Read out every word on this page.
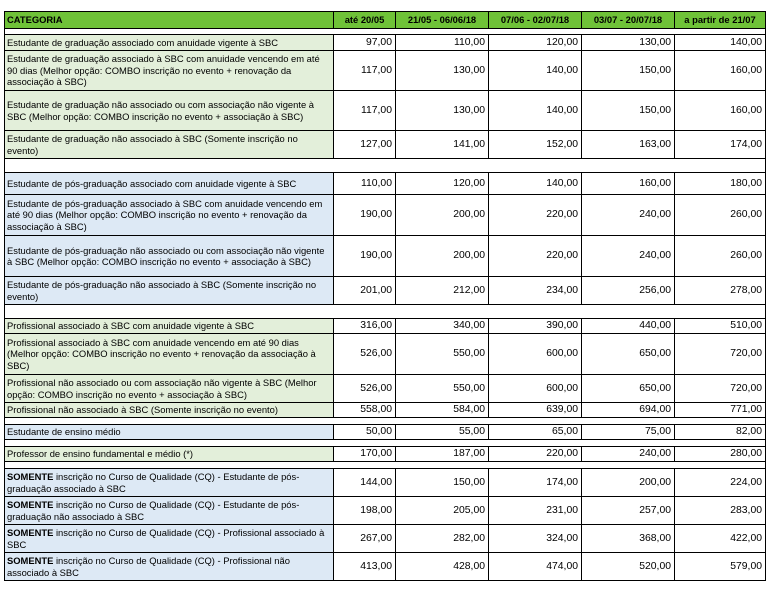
CATEGORIA	até 20/05	21/05 - 06/06/18	07/06 - 02/07/18	03/07 - 20/07/18	a partir de 21/07

Estudante de graduação associado com anuidade vigente à SBC	97,00	110,00	120,00	130,00	140,00
Estudante de graduação associado à SBC com anuidade vencendo em até 90 dias (Melhor opção: COMBO inscrição no evento + renovação da associação à SBC)	117,00	130,00	140,00	150,00	160,00
Estudante de graduação não associado ou com associação não vigente à SBC (Melhor opção: COMBO inscrição no evento + associação à SBC)	117,00	130,00	140,00	150,00	160,00
Estudante de graduação não associado à SBC (Somente inscrição no evento)	127,00	141,00	152,00	163,00	174,00

Estudante de pós-graduação associado com anuidade vigente à SBC	110,00	120,00	140,00	160,00	180,00
Estudante de pós-graduação associado à SBC com anuidade vencendo em até 90 dias (Melhor opção: COMBO inscrição no evento + renovação da associação à SBC)	190,00	200,00	220,00	240,00	260,00
Estudante de pós-graduação não associado ou com associação não vigente à SBC (Melhor opção: COMBO inscrição no evento + associação à SBC)	190,00	200,00	220,00	240,00	260,00
Estudante de pós-graduação não associado à SBC (Somente inscrição no evento)	201,00	212,00	234,00	256,00	278,00

Profissional associado à SBC com anuidade vigente à SBC	316,00	340,00	390,00	440,00	510,00
Profissional associado à SBC com anuidade vencendo em até 90 dias (Melhor opção: COMBO inscrição no evento + renovação da associação à SBC)	526,00	550,00	600,00	650,00	720,00
Profissional não associado ou com associação não vigente à SBC (Melhor opção: COMBO inscrição no evento + associação à SBC)	526,00	550,00	600,00	650,00	720,00
Profissional não associado à SBC (Somente inscrição no evento)	558,00	584,00	639,00	694,00	771,00

Estudante de ensino médio	50,00	55,00	65,00	75,00	82,00

Professor de ensino fundamental e médio (*)	170,00	187,00	220,00	240,00	280,00

SOMENTE inscrição no Curso de Qualidade (CQ) - Estudante de pós-graduação associado à SBC	144,00	150,00	174,00	200,00	224,00
SOMENTE inscrição no Curso de Qualidade (CQ) - Estudante de pós-graduação não associado à SBC	198,00	205,00	231,00	257,00	283,00
SOMENTE inscrição no Curso de Qualidade (CQ) - Profissional associado à SBC	267,00	282,00	324,00	368,00	422,00
SOMENTE inscrição no Curso de Qualidade (CQ) - Profissional não associado à SBC	413,00	428,00	474,00	520,00	579,00
